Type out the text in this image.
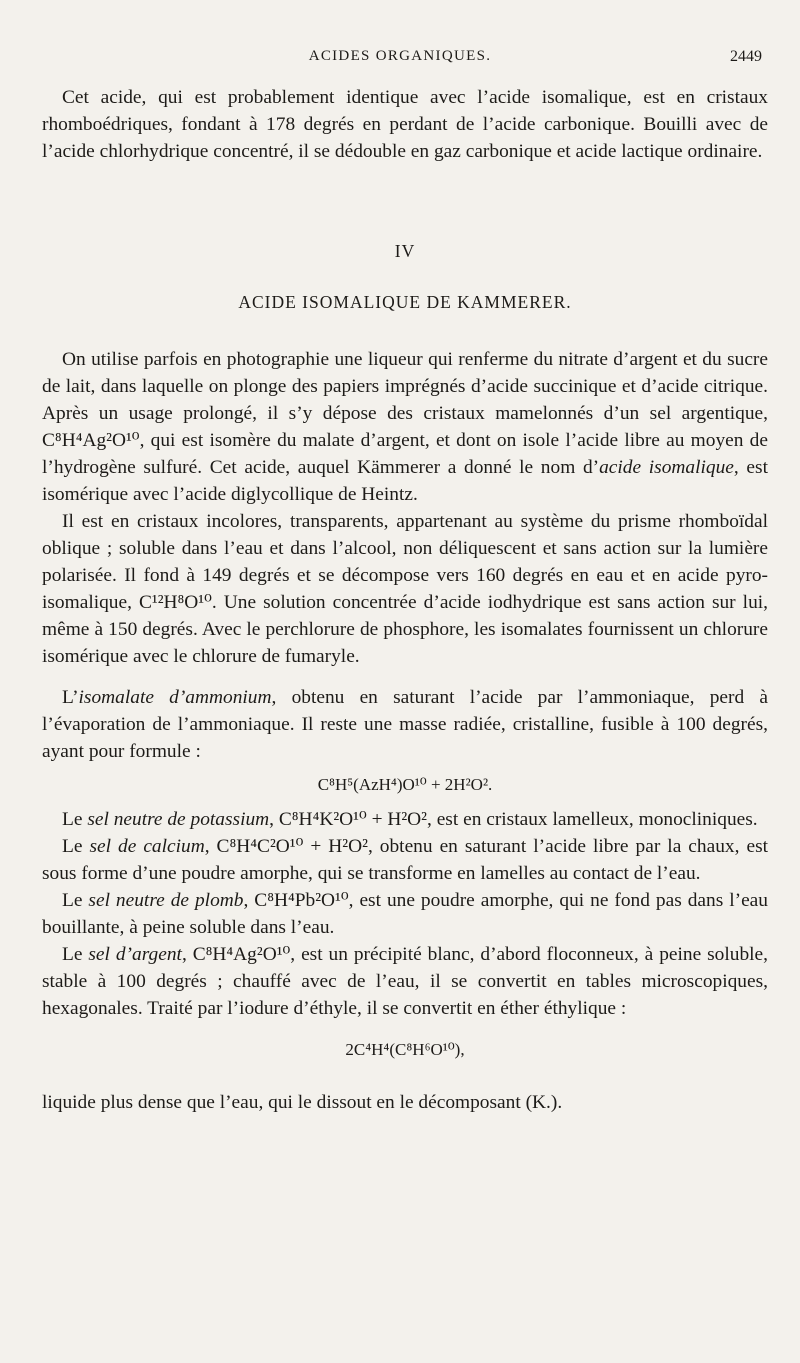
ACIDES ORGANIQUES.	2449

Cet acide, qui est probablement identique avec l’acide isomalique, est en cristaux rhomboédriques, fondant à 178 degrés en perdant de l’acide carbonique. Bouilli avec de l’acide chlorhydrique concentré, il se dédouble en gaz carbonique et acide lactique ordinaire.

IV
ACIDE ISOMALIQUE DE KAMMERER.

On utilise parfois en photographie une liqueur qui renferme du nitrate d’argent et du sucre de lait, dans laquelle on plonge des papiers imprégnés d’acide succinique et d’acide citrique. Après un usage prolongé, il s’y dépose des cristaux mamelonnés d’un sel argentique, C⁸H⁴Ag²O¹⁰, qui est isomère du malate d’argent, et dont on isole l’acide libre au moyen de l’hydrogène sulfuré. Cet acide, auquel Kämmerer a donné le nom d’acide isomalique, est isomérique avec l’acide diglycollique de Heintz.

Il est en cristaux incolores, transparents, appartenant au système du prisme rhomboïdal oblique ; soluble dans l’eau et dans l’alcool, non déliquescent et sans action sur la lumière polarisée. Il fond à 149 degrés et se décompose vers 160 degrés en eau et en acide pyro-isomalique, C¹²H⁸O¹⁰. Une solution concentrée d’acide iodhydrique est sans action sur lui, même à 150 degrés. Avec le perchlorure de phosphore, les isomalates fournissent un chlorure isomérique avec le chlorure de fumaryle.

L’isomalate d’ammonium, obtenu en saturant l’acide par l’ammoniaque, perd à l’évaporation de l’ammoniaque. Il reste une masse radiée, cristalline, fusible à 100 degrés, ayant pour formule :

C⁸H⁵(AzH⁴)O¹⁰ + 2H²O².

Le sel neutre de potassium, C⁸H⁴K²O¹⁰ + H²O², est en cristaux lamelleux, monocliniques.

Le sel de calcium, C⁸H⁴C²O¹⁰ + H²O², obtenu en saturant l’acide libre par la chaux, est sous forme d’une poudre amorphe, qui se transforme en lamelles au contact de l’eau.

Le sel neutre de plomb, C⁸H⁴Pb²O¹⁰, est une poudre amorphe, qui ne fond pas dans l’eau bouillante, à peine soluble dans l’eau.

Le sel d’argent, C⁸H⁴Ag²O¹⁰, est un précipité blanc, d’abord floconneux, à peine soluble, stable à 100 degrés ; chauffé avec de l’eau, il se convertit en tables microscopiques, hexagonales. Traité par l’iodure d’éthyle, il se convertit en éther éthylique :

2C⁴H⁴(C⁸H⁶O¹⁰),

liquide plus dense que l’eau, qui le dissout en le décomposant (K.).
